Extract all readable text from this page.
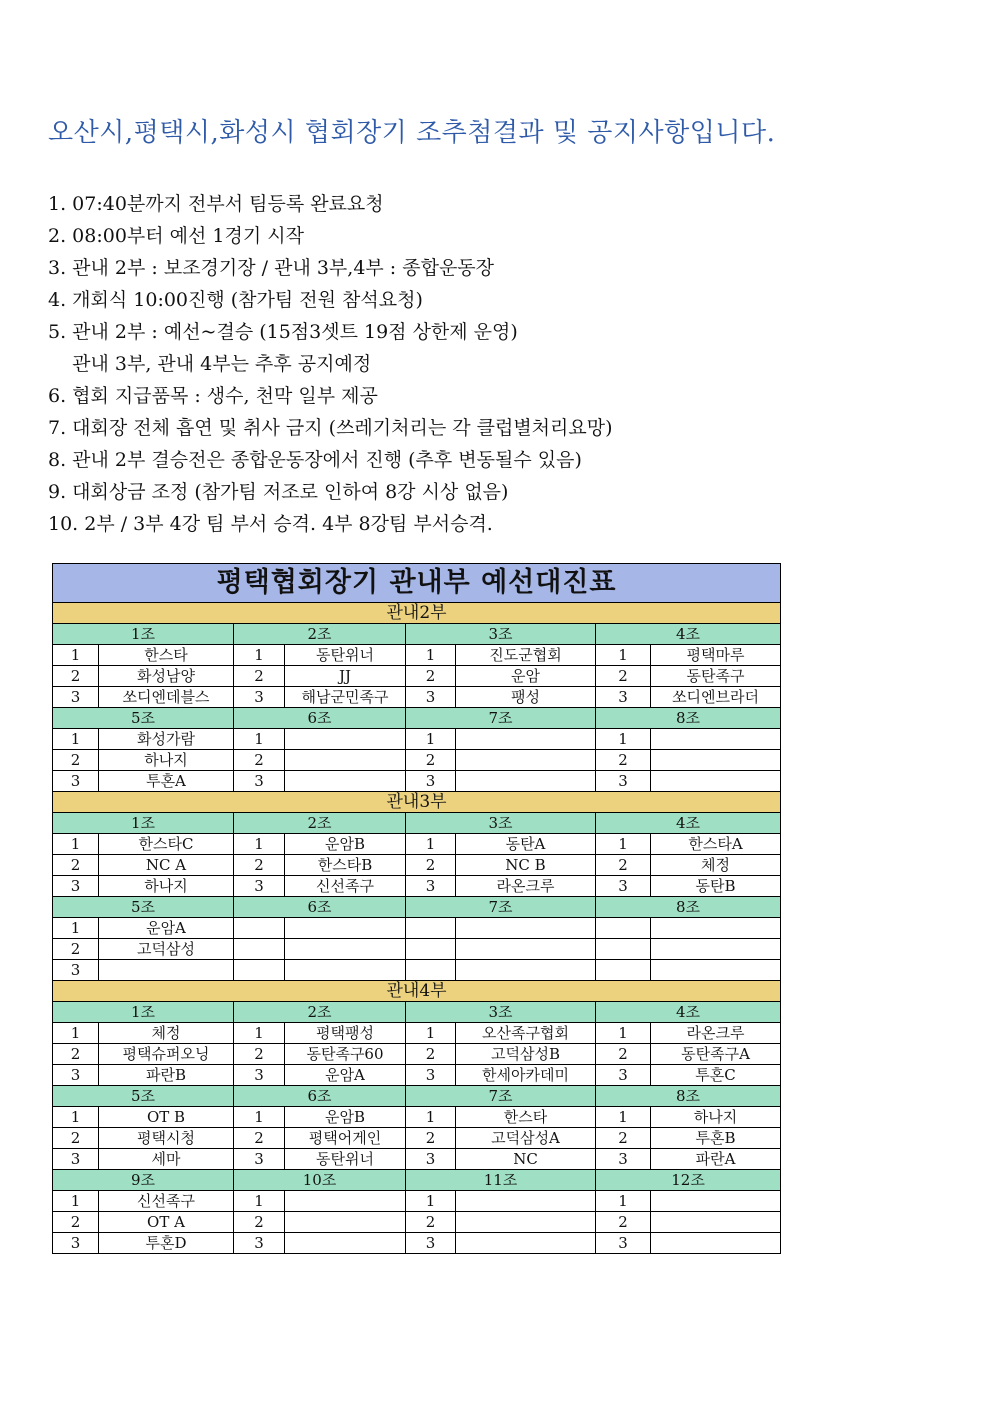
오산시,평택시,화성시 협회장기 조추첨결과 및 공지사항입니다.
1. 07:40분까지 전부서 팀등록 완료요청
2. 08:00부터 예선 1경기 시작
3. 관내 2부 : 보조경기장 / 관내 3부,4부 : 종합운동장
4. 개회식 10:00진행 (참가팀 전원 참석요청)
5. 관내 2부 : 예선~결승 (15점3셋트 19점 상한제 운영)
관내 3부, 관내 4부는 추후 공지예정
6. 협회 지급품목 : 생수, 천막 일부 제공
7. 대회장 전체 흡연 및 취사 금지 (쓰레기처리는 각 클럽별처리요망)
8. 관내 2부 결승전은 종합운동장에서 진행 (추후 변동될수 있음)
9. 대회상금 조정 (참가팀 저조로 인하여 8강 시상 없음)
10. 2부 / 3부 4강 팀 부서 승격. 4부 8강팀 부서승격.
평택협회장기 관내부 예선대진표							
관내2부							
1조		2조		3조		4조	
1	한스타	1	동탄위너	1	진도군협회	1	평택마루
2	화성남양	2	JJ	2	운암	2	동탄족구
3	쏘디엔데블스	3	해남군민족구	3	팽성	3	쏘디엔브라더
5조		6조		7조		8조	
1	화성가람	1		1		1	
2	하나지	2		2		2	
3	투혼A	3		3		3	
관내3부							
1조		2조		3조		4조	
1	한스타C	1	운암B	1	동탄A	1	한스타A
2	NC A	2	한스타B	2	NC B	2	체정
3	하나지	3	신선족구	3	라온크루	3	동탄B
5조		6조		7조		8조	
1	운암A						
2	고덕삼성						
3							
관내4부							
1조		2조		3조		4조	
1	체정	1	평택팽성	1	오산족구협회	1	라온크루
2	평택슈퍼오닝	2	동탄족구60	2	고덕삼성B	2	동탄족구A
3	파란B	3	운암A	3	한세아카데미	3	투혼C
5조		6조		7조		8조	
1	OT B	1	운암B	1	한스타	1	하나지
2	평택시청	2	평택어게인	2	고덕삼성A	2	투혼B
3	세마	3	동탄위너	3	NC	3	파란A
9조		10조		11조		12조	
1	신선족구	1		1		1	
2	OT A	2		2		2	
3	투혼D	3		3		3	
